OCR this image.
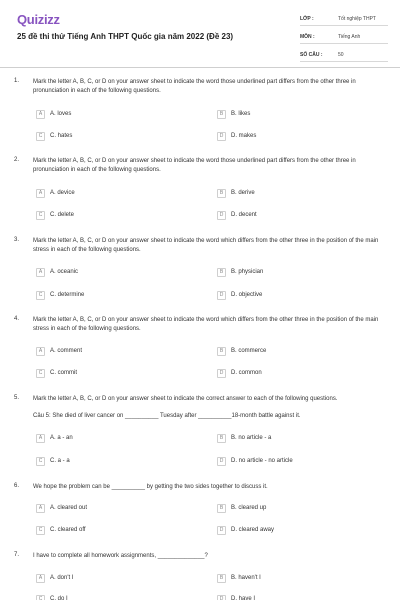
Quizizz
25 đề thi thử Tiếng Anh THPT Quốc gia năm 2022 (Đề 23)
LỚP :	Tốt nghiệp THPT
MÔN :	Tiếng Anh
SỐ CÂU :	50
1. Mark the letter A, B, C, or D on your answer sheet to indicate the word those underlined part differs from the other three in pronunciation in each of the following questions.
A	A. loves	B	B. likes
C	C. hates	D	D. makes
2. Mark the letter A, B, C, or D on your answer sheet to indicate the word those underlined part differs from the other three in pronunciation in each of the following questions.
A	A. device	B	B. derive
C	C. delete	D	D. decent
3. Mark the letter A, B, C, or D on your answer sheet to indicate the word which differs from the other three in the position of the main stress in each of the following questions.
A	A. oceanic	B	B. physician
C	C. determine	D	D. objective
4. Mark the letter A, B, C, or D on your answer sheet to indicate the word which differs from the other three in the position of the main stress in each of the following questions.
A	A. comment	B	B. commerce
C	C. commit	D	D. common
5. Mark the letter A, B, C, or D on your answer sheet to indicate the correct answer to each of the following questions.
Câu 5: She died of liver cancer on __________ Tuesday after __________18-month battle against it.
A	A. a - an	B	B. no article - a
C	C. a - a	D	D. no article - no article
6. We hope the problem can be __________ by getting the two sides together to discuss it.
A	A. cleared out	B	B. cleared up
C	C. cleared off	D	D. cleared away
7. I have to complete all homework assignments, ______________?
A	A. don't I	B	B. haven't I
C	C. do I	D	D. have I
